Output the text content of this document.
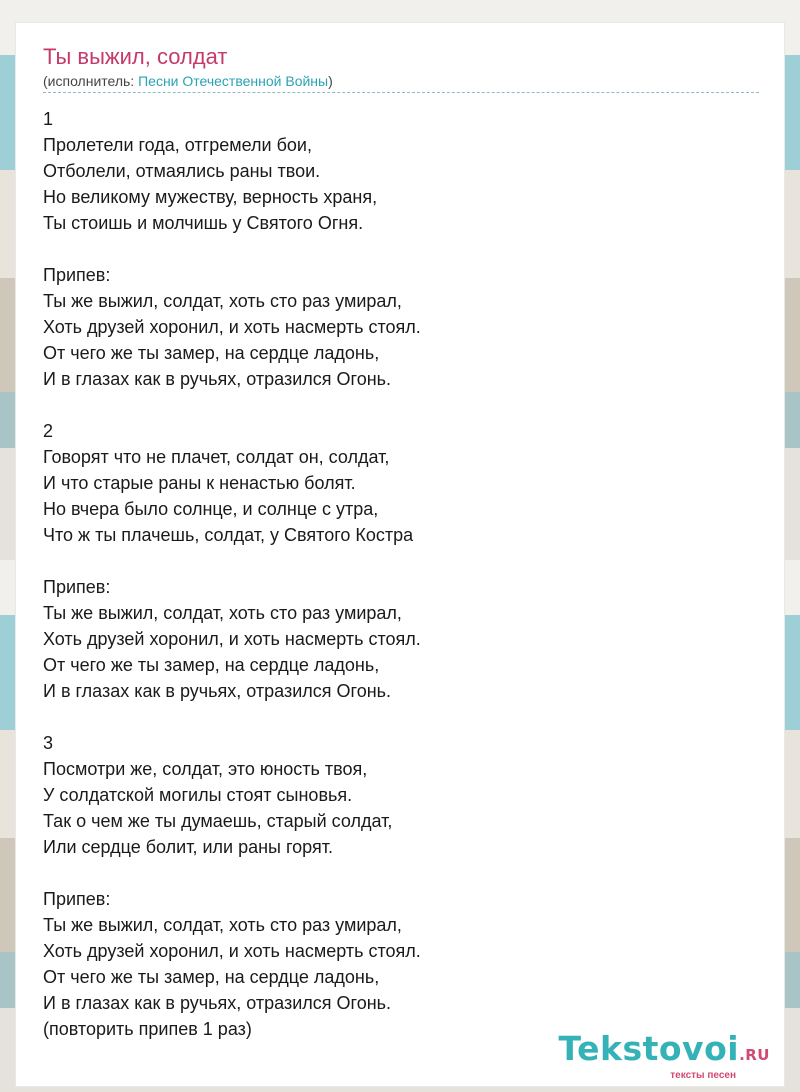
Ты выжил, солдат
(исполнитель: Песни Отечественной Войны)
1
Пролетели года, отгремели бои,
Отболели, отмаялись раны твои.
Но великому мужеству, верность храня,
Ты стоишь и молчишь у Святого Огня.
Припев:
Ты же выжил, солдат, хоть сто раз умирал,
Хоть друзей хоронил, и хоть насмерть стоял.
От чего же ты замер, на сердце ладонь,
И в глазах как в ручьях, отразился Огонь.
2
Говорят что не плачет, солдат он, солдат,
И что старые раны к ненастью болят.
Но вчера было солнце, и солнце с утра,
Что ж ты плачешь, солдат, у Святого Костра
Припев:
Ты же выжил, солдат, хоть сто раз умирал,
Хоть друзей хоронил, и хоть насмерть стоял.
От чего же ты замер, на сердце ладонь,
И в глазах как в ручьях, отразился Огонь.
3
Посмотри же, солдат, это юность твоя,
У солдатской могилы стоят сыновья.
Так о чем же ты думаешь, старый солдат,
Или сердце болит, или раны горят.
Припев:
Ты же выжил, солдат, хоть сто раз умирал,
Хоть друзей хоронил, и хоть насмерть стоял.
От чего же ты замер, на сердце ладонь,
И в глазах как в ручьях, отразился Огонь.
(повторить припев 1 раз)	Tekstovoi.RU
тексты песен
